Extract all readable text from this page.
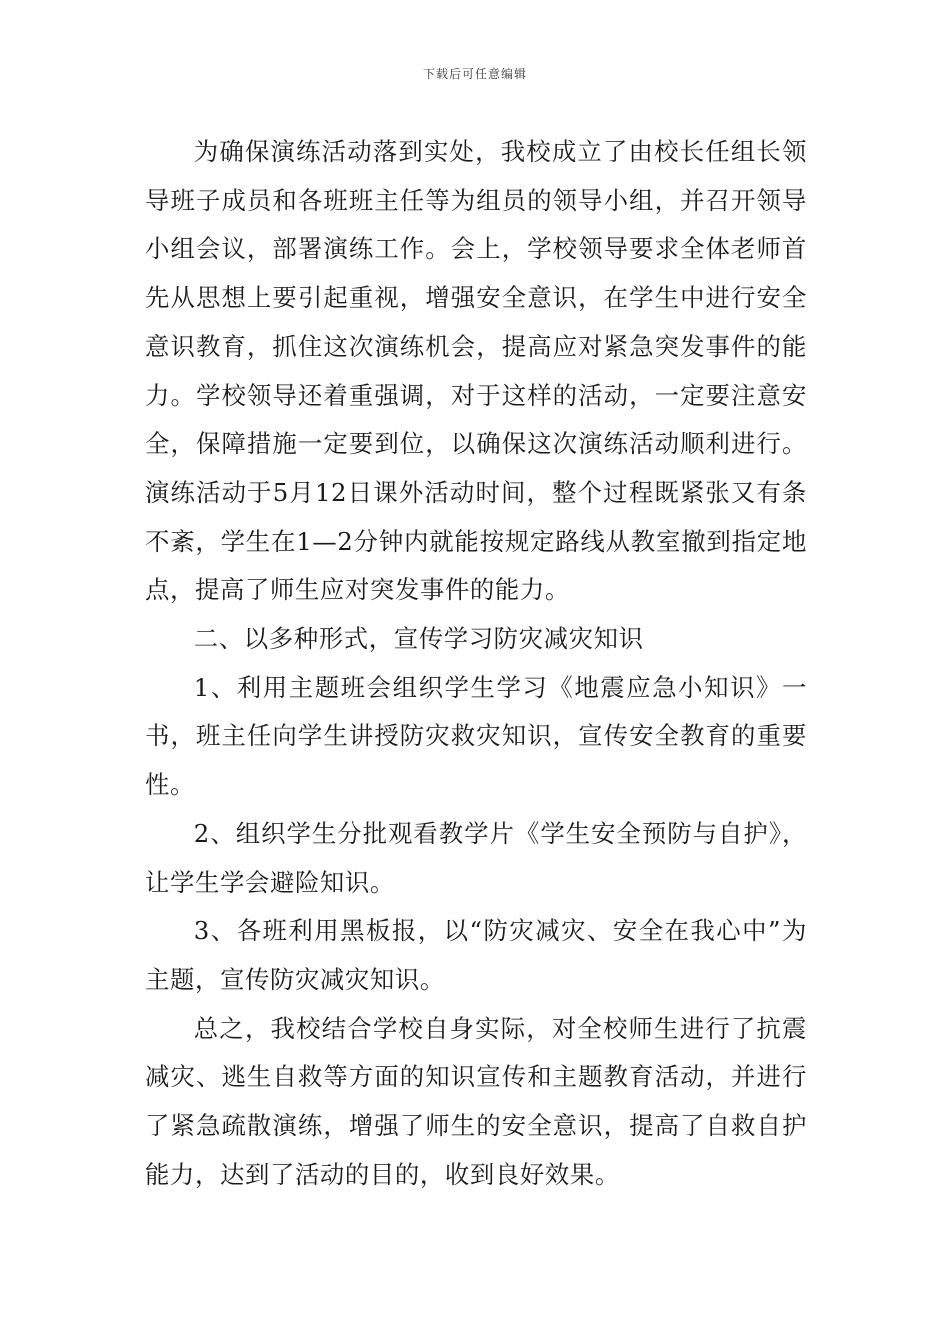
下载后可任意编辑

为确保演练活动落到实处，我校成立了由校长任组长领导班子成员和各班班主任等为组员的领导小组，并召开领导小组会议，部署演练工作。会上，学校领导要求全体老师首先从思想上要引起重视，增强安全意识，在学生中进行安全意识教育，抓住这次演练机会，提高应对紧急突发事件的能力。学校领导还着重强调，对于这样的活动，一定要注意安全，保障措施一定要到位，以确保这次演练活动顺利进行。演练活动于5月12日课外活动时间，整个过程既紧张又有条不紊，学生在1—2分钟内就能按规定路线从教室撤到指定地点，提高了师生应对突发事件的能力。

二、以多种形式，宣传学习防灾减灾知识

1、利用主题班会组织学生学习《地震应急小知识》一书，班主任向学生讲授防灾救灾知识，宣传安全教育的重要性。

2、组织学生分批观看教学片《学生安全预防与自护》，让学生学会避险知识。

3、各班利用黑板报，以“防灾减灾、安全在我心中”为主题，宣传防灾减灾知识。

总之，我校结合学校自身实际，对全校师生进行了抗震减灾、逃生自救等方面的知识宣传和主题教育活动，并进行了紧急疏散演练，增强了师生的安全意识，提高了自救自护能力，达到了活动的目的，收到良好效果。
